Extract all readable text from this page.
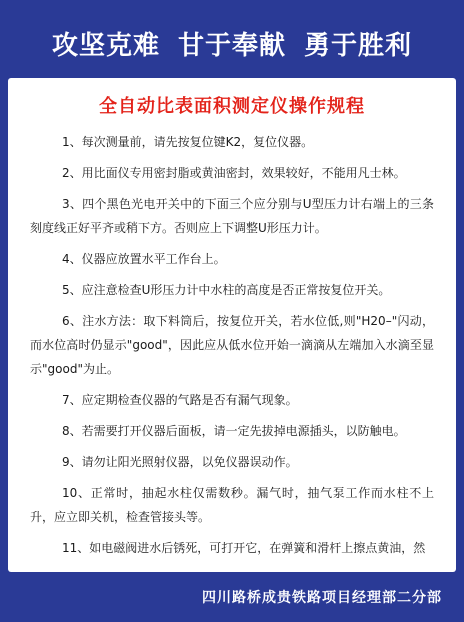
攻坚克难 甘于奉献 勇于胜利
全自动比表面积测定仪操作规程
1、每次测量前，请先按复位键K2，复位仪器。
2、用比面仪专用密封脂或黄油密封，效果较好，不能用凡士林。
3、四个黑色光电开关中的下面三个应分别与U型压力计右端上的三条刻度线正好平齐或稍下方。否则应上下调整U形压力计。
4、仪器应放置水平工作台上。
5、应注意检查U形压力计中水柱的高度是否正常按复位开关。
6、注水方法：取下料筒后，按复位开关，若水位低,则"H20–"闪动，而水位高时仍显示"good"，因此应从低水位开始一滴滴从左端加入水滴至显示"good"为止。
7、应定期检查仪器的气路是否有漏气现象。
8、若需要打开仪器后面板，请一定先拔掉电源插头，以防触电。
9、请勿让阳光照射仪器，以免仪器误动作。
10、正常时，抽起水柱仅需数秒。漏气时，抽气泵工作而水柱不上升，应立即关机，检查管接头等。
11、如电磁阀进水后锈死，可打开它，在弹簧和滑杆上擦点黄油，然
四川路桥成贵铁路项目经理部二分部
